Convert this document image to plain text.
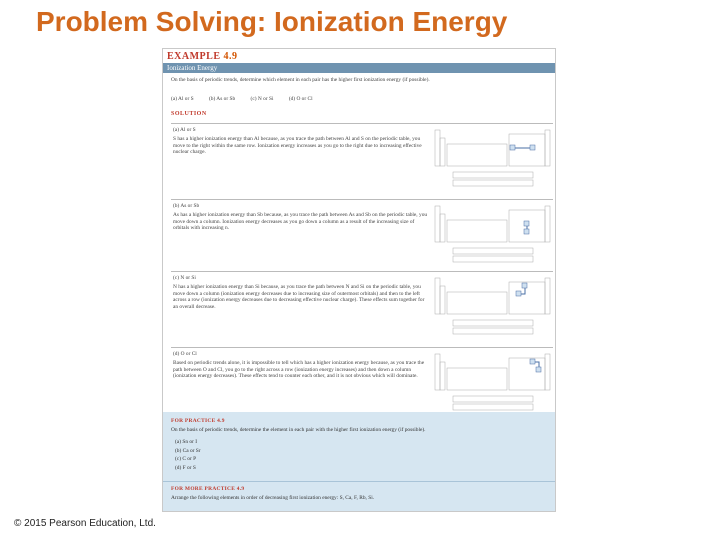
Problem Solving: Ionization Energy
EXAMPLE 4.9
Ionization Energy
On the basis of periodic trends, determine which element in each pair has the higher first ionization energy (if possible).
(a) Al or S	(b) As or Sb	(c) N or Si	(d) O or Cl
SOLUTION
(a) Al or S
S has a higher ionization energy than Al because, as you trace the path between Al and S on the periodic table, you move to the right within the same row. Ionization energy increases as you go to the right due to increasing effective nuclear charge.
(b) As or Sb
As has a higher ionization energy than Sb because, as you trace the path between As and Sb on the periodic table, you move down a column. Ionization energy decreases as you go down a column as a result of the increasing size of orbitals with increasing n.
(c) N or Si
N has a higher ionization energy than Si because, as you trace the path between N and Si on the periodic table, you move down a column (ionization energy decreases due to increasing size of outermost orbitals) and then to the left across a row (ionization energy decreases due to decreasing effective nuclear charge). These effects sum together for an overall decrease.
(d) O or Cl
Based on periodic trends alone, it is impossible to tell which has a higher ionization energy because, as you trace the path between O and Cl, you go to the right across a row (ionization energy increases) and then down a column (ionization energy decreases). These effects tend to counter each other, and it is not obvious which will dominate.
FOR PRACTICE 4.9
On the basis of periodic trends, determine the element in each pair with the higher first ionization energy (if possible).
(a) Sn or I
(b) Ca or Sr
(c) C or P
(d) F or S
FOR MORE PRACTICE 4.9
Arrange the following elements in order of decreasing first ionization energy: S, Ca, F, Rb, Si.
© 2015 Pearson Education, Ltd.
